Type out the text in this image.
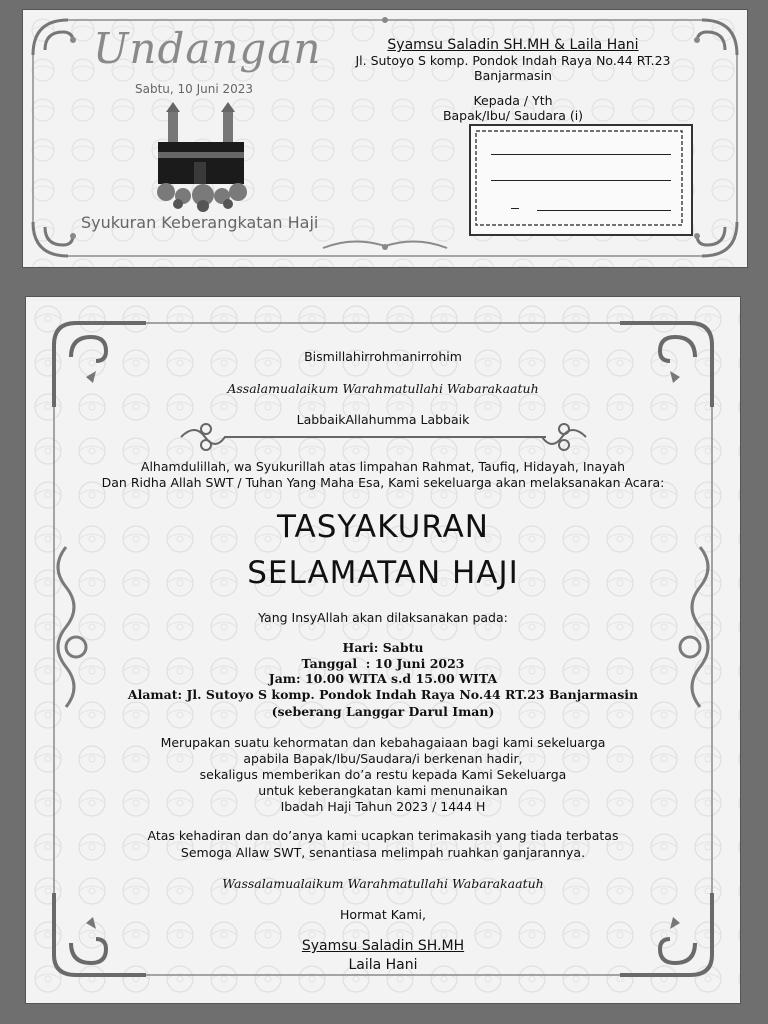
Undangan
Sabtu, 10 Juni 2023
Syukuran Keberangkatan Haji
Syamsu Saladin SH.MH & Laila Hani
Jl. Sutoyo S komp. Pondok Indah Raya No.44 RT.23
Banjarmasin
Kepada / Yth
Bapak/Ibu/ Saudara (i)
Bismillahirrohmanirrohim
Assalamualaikum Warahmatullahi Wabarakaatuh
LabbaikAllahumma Labbaik
Alhamdulillah, wa Syukurillah atas limpahan Rahmat, Taufiq, Hidayah, Inayah
Dan Ridha Allah SWT / Tuhan Yang Maha Esa, Kami sekeluarga akan melaksanakan Acara:
TASYAKURAN
SELAMATAN HAJI
Yang InsyAllah akan dilaksanakan pada:
Hari: Sabtu
Tanggal  : 10 Juni 2023
Jam: 10.00 WITA s.d 15.00 WITA
Alamat: Jl. Sutoyo S komp. Pondok Indah Raya No.44 RT.23 Banjarmasin
(seberang Langgar Darul Iman)
Merupakan suatu kehormatan dan kebahagaiaan bagi kami sekeluarga
apabila Bapak/Ibu/Saudara/i berkenan hadir,
sekaligus memberikan do’a restu kepada Kami Sekeluarga
untuk keberangkatan kami menunaikan
Ibadah Haji Tahun 2023 / 1444 H
Atas kehadiran dan do’anya kami ucapkan terimakasih yang tiada terbatas
Semoga Allaw SWT, senantiasa melimpah ruahkan ganjarannya.
Wassalamualaikum Warahmatullahi Wabarakaatuh
Hormat Kami,
Syamsu Saladin SH.MH
Laila Hani
